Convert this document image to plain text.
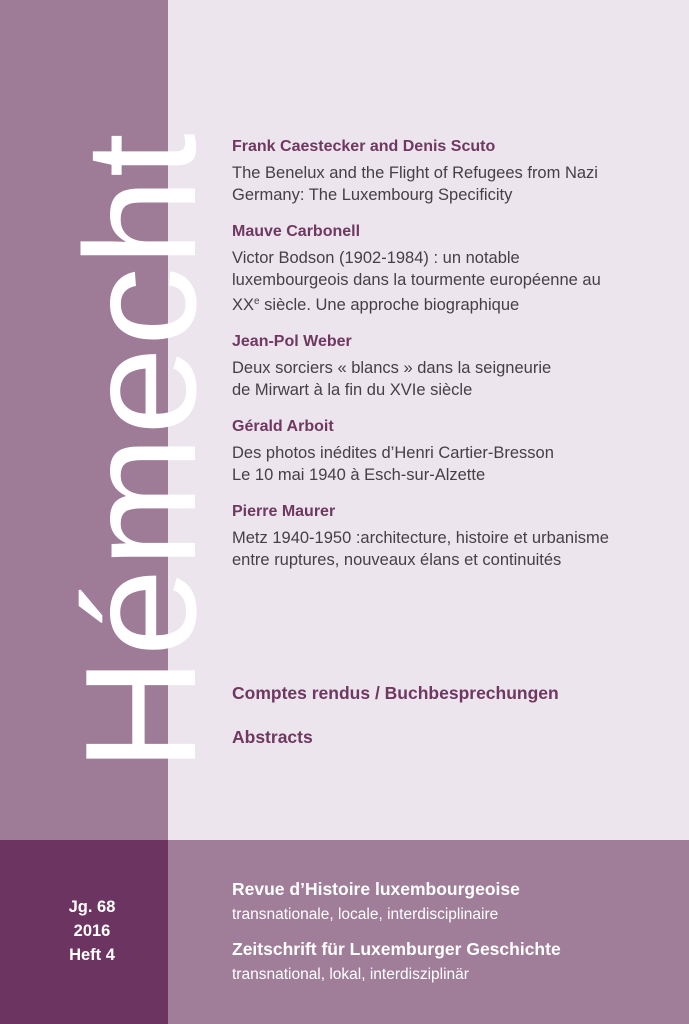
Hémecht Frank Caestecker and Denis Scuto
The Benelux and the Flight of Refugees from Nazi
Germany: The Luxembourg Specificity
Mauve Carbonell
Victor Bodson (1902-1984) : un notable
luxembourgeois dans la tourmente européenne au
XXe siècle. Une approche biographique
Jean-Pol Weber
Deux sorciers « blancs » dans la seigneurie
de Mirwart à la fin du XVIe siècle
Gérald Arboit
Des photos inédites d’Henri Cartier-Bresson
Le 10 mai 1940 à Esch-sur-Alzette
Pierre Maurer
Metz 1940-1950 :architecture, histoire et urbanisme
entre ruptures, nouveaux élans et continuités
Comptes rendus / Buchbesprechungen
Abstracts
Jg. 68
2016
Heft 4
Revue d’Histoire luxembourgeoise
transnationale, locale, interdisciplinaire
Zeitschrift für Luxemburger Geschichte
transnational, lokal, interdisziplinär
